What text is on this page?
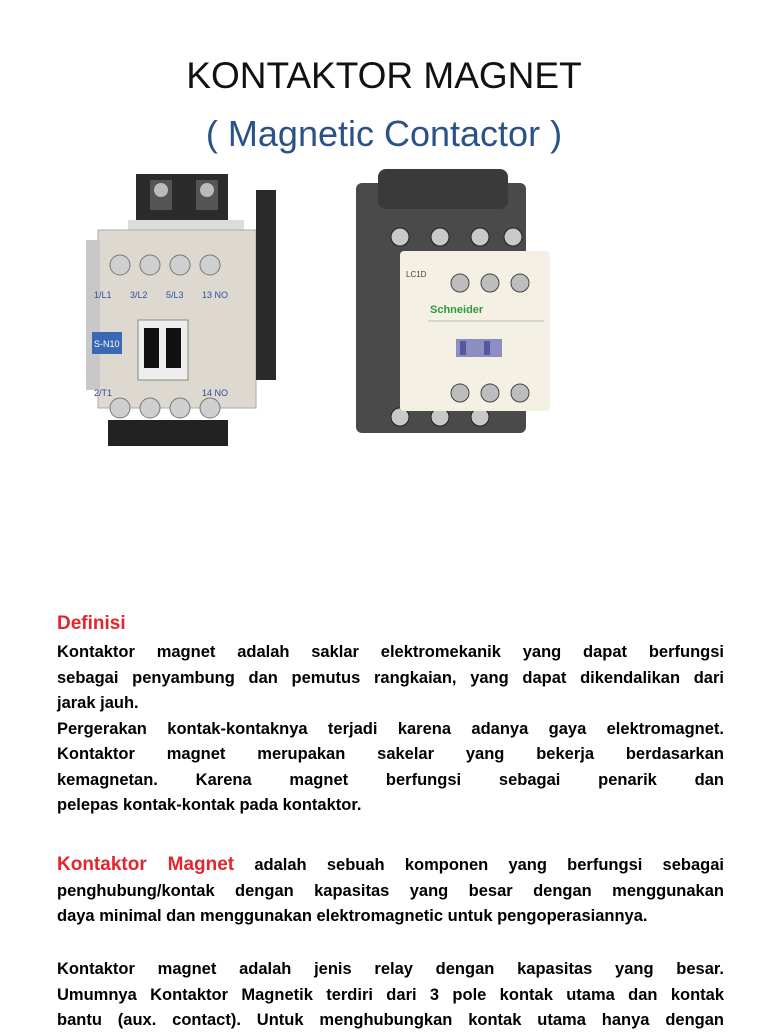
KONTAKTOR MAGNET
( Magnetic Contactor )
1/L1 3/L2 5/L3 13 NO
S-N10
2/T1	14 NO
LC1D
Schneider
Definisi
Kontaktor magnet adalah saklar elektromekanik yang dapat berfungsi
sebagai penyambung dan pemutus rangkaian, yang dapat dikendalikan dari
jarak jauh.
Pergerakan kontak-kontaknya terjadi karena adanya gaya elektromagnet.
Kontaktor magnet merupakan sakelar yang bekerja berdasarkan
kemagnetan. Karena magnet berfungsi sebagai penarik dan
pelepas kontak-kontak pada kontaktor.
Kontaktor Magnet adalah sebuah komponen yang berfungsi sebagai
penghubung/kontak dengan kapasitas yang besar dengan menggunakan
daya minimal dan menggunakan elektromagnetic untuk pengoperasiannya.
Kontaktor magnet adalah jenis relay dengan kapasitas yang besar.
Umumnya Kontaktor Magnetik terdiri dari 3 pole kontak utama dan kontak
bantu (aux. contact). Untuk menghubungkan kontak utama hanya dengan
